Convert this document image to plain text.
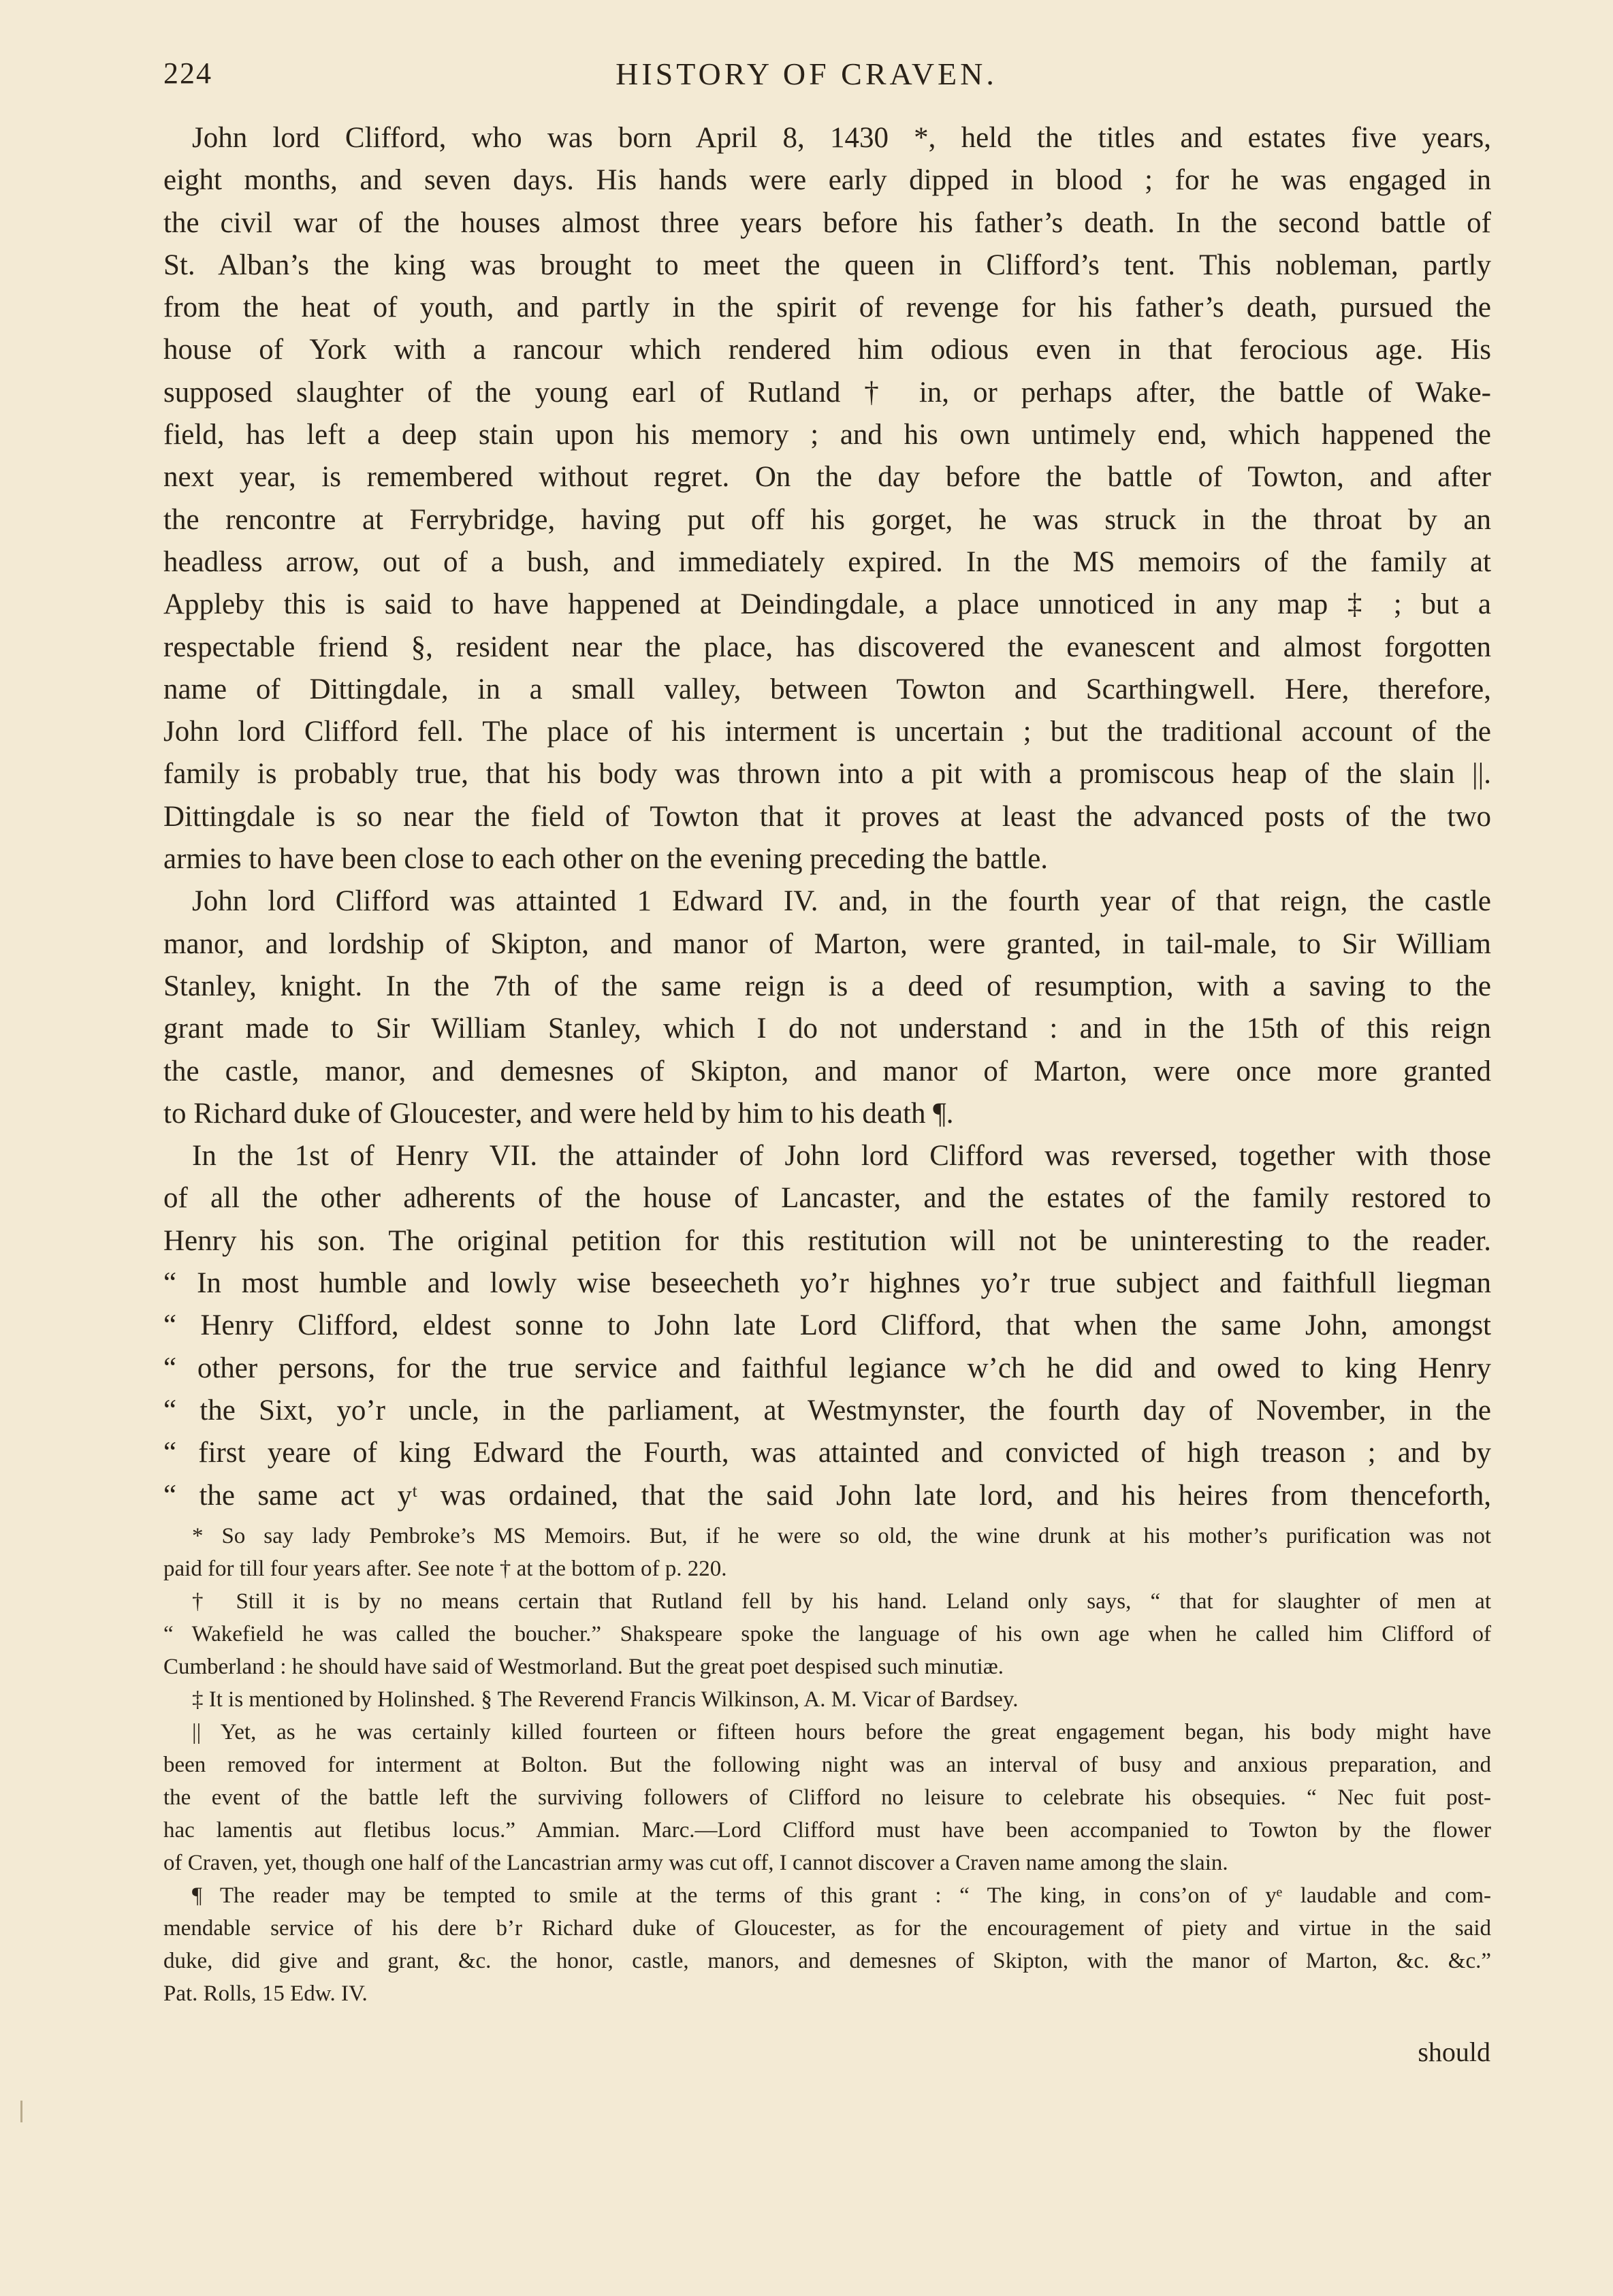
224	HISTORY OF CRAVEN.
John lord Clifford, who was born April 8, 1430 *, held the titles and estates five years,
eight months, and seven days. His hands were early dipped in blood ; for he was engaged in
the civil war of the houses almost three years before his father’s death. In the second battle of
St. Alban’s the king was brought to meet the queen in Clifford’s tent. This nobleman, partly
from the heat of youth, and partly in the spirit of revenge for his father’s death, pursued the
house of York with a rancour which rendered him odious even in that ferocious age. His
supposed slaughter of the young earl of Rutland † in, or perhaps after, the battle of Wake-
field, has left a deep stain upon his memory ; and his own untimely end, which happened the
next year, is remembered without regret. On the day before the battle of Towton, and after
the rencontre at Ferrybridge, having put off his gorget, he was struck in the throat by an
headless arrow, out of a bush, and immediately expired. In the MS memoirs of the family at
Appleby this is said to have happened at Deindingdale, a place unnoticed in any map ‡ ; but a
respectable friend §, resident near the place, has discovered the evanescent and almost forgotten
name of Dittingdale, in a small valley, between Towton and Scarthingwell. Here, therefore,
John lord Clifford fell. The place of his interment is uncertain ; but the traditional account of the
family is probably true, that his body was thrown into a pit with a promiscous heap of the slain ||.
Dittingdale is so near the field of Towton that it proves at least the advanced posts of the two
armies to have been close to each other on the evening preceding the battle.
John lord Clifford was attainted 1 Edward IV. and, in the fourth year of that reign, the castle
manor, and lordship of Skipton, and manor of Marton, were granted, in tail-male, to Sir William
Stanley, knight. In the 7th of the same reign is a deed of resumption, with a saving to the
grant made to Sir William Stanley, which I do not understand : and in the 15th of this reign
the castle, manor, and demesnes of Skipton, and manor of Marton, were once more granted
to Richard duke of Gloucester, and were held by him to his death ¶.
In the 1st of Henry VII. the attainder of John lord Clifford was reversed, together with those
of all the other adherents of the house of Lancaster, and the estates of the family restored to
Henry his son. The original petition for this restitution will not be uninteresting to the reader.
“ In most humble and lowly wise beseecheth yo’r highnes yo’r true subject and faithfull liegman
“ Henry Clifford, eldest sonne to John late Lord Clifford, that when the same John, amongst
“ other persons, for the true service and faithful legiance w’ch he did and owed to king Henry
“ the Sixt, yo’r uncle, in the parliament, at Westmynster, the fourth day of November, in the
“ first yeare of king Edward the Fourth, was attainted and convicted of high treason ; and by
“ the same act yᵗ was ordained, that the said John late lord, and his heires from thenceforth,
* So say lady Pembroke’s MS Memoirs. But, if he were so old, the wine drunk at his mother’s purification was not
paid for till four years after. See note † at the bottom of p. 220.
† Still it is by no means certain that Rutland fell by his hand. Leland only says, “ that for slaughter of men at
“ Wakefield he was called the boucher.” Shakspeare spoke the language of his own age when he called him Clifford of
Cumberland : he should have said of Westmorland. But the great poet despised such minutiæ.
‡ It is mentioned by Holinshed. § The Reverend Francis Wilkinson, A. M. Vicar of Bardsey.
|| Yet, as he was certainly killed fourteen or fifteen hours before the great engagement began, his body might have
been removed for interment at Bolton. But the following night was an interval of busy and anxious preparation, and
the event of the battle left the surviving followers of Clifford no leisure to celebrate his obsequies. “ Nec fuit post-
hac lamentis aut fletibus locus.” Ammian. Marc.—Lord Clifford must have been accompanied to Towton by the flower
of Craven, yet, though one half of the Lancastrian army was cut off, I cannot discover a Craven name among the slain.
¶ The reader may be tempted to smile at the terms of this grant : “ The king, in cons’on of yᵉ laudable and com-
mendable service of his dere b’r Richard duke of Gloucester, as for the encouragement of piety and virtue in the said
duke, did give and grant, &c. the honor, castle, manors, and demesnes of Skipton, with the manor of Marton, &c. &c.”
Pat. Rolls, 15 Edw. IV.
should
